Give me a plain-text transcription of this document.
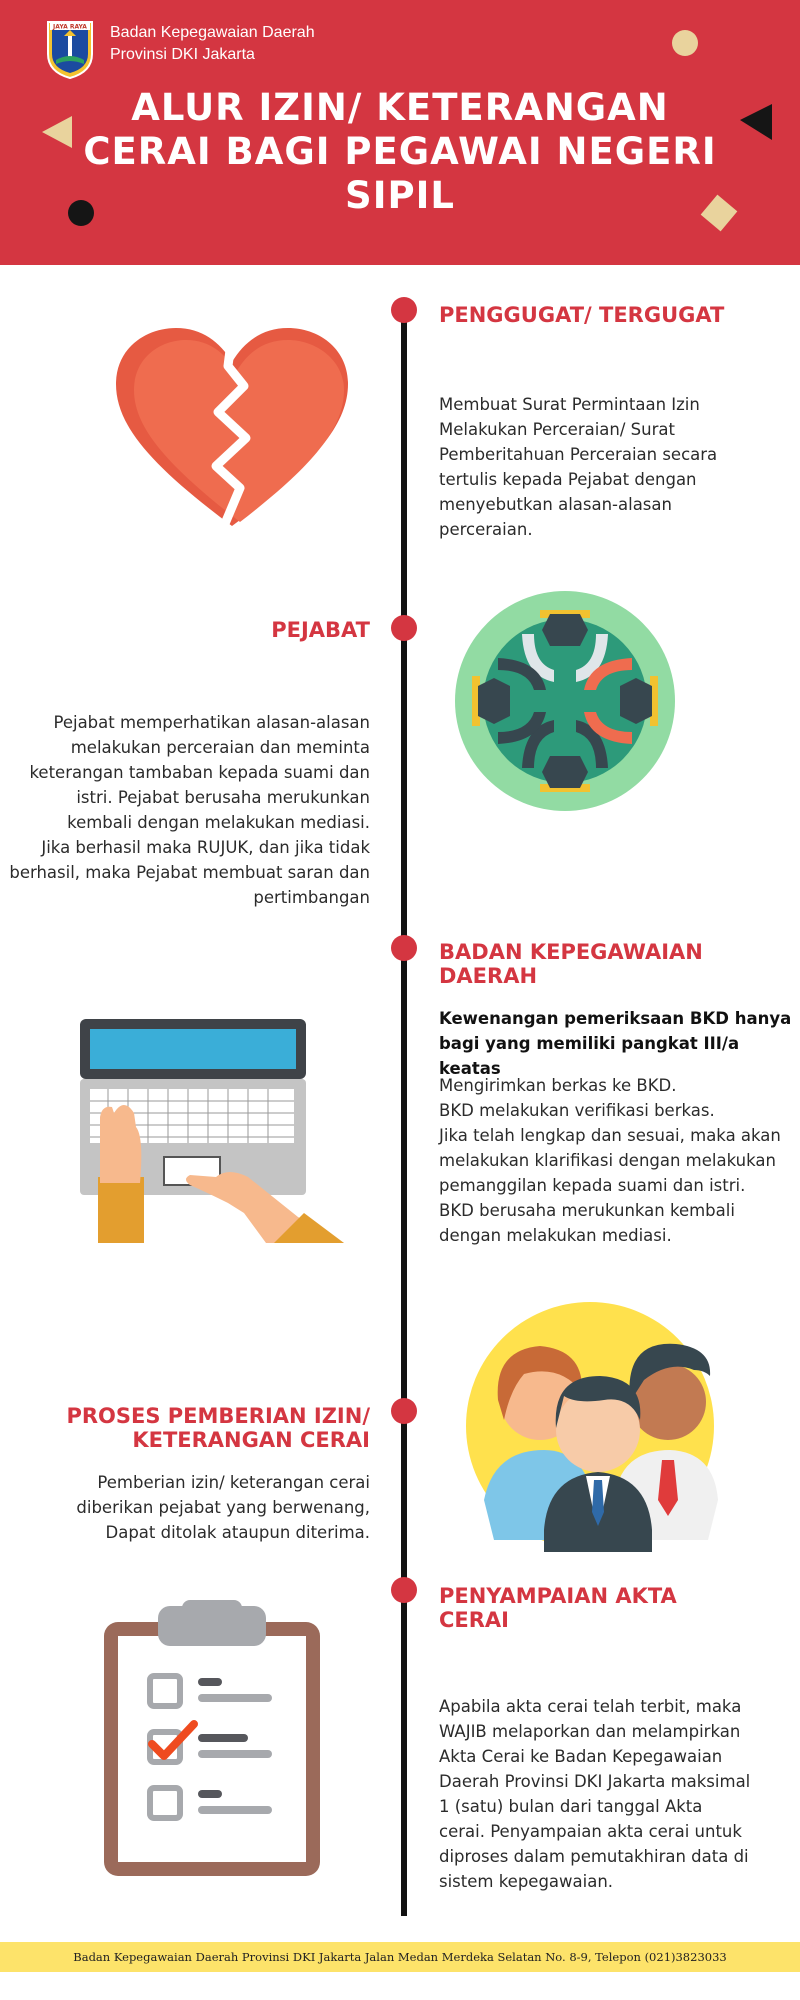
JAYA RAYA Badan Kepegawaian Daerah
Provinsi DKI Jakarta
ALUR IZIN/ KETERANGAN
CERAI BAGI PEGAWAI NEGERI
SIPIL
PENGGUGAT/ TERGUGAT
Membuat Surat Permintaan Izin
Melakukan Perceraian/ Surat
Pemberitahuan Perceraian secara
tertulis kepada Pejabat dengan
menyebutkan alasan-alasan
perceraian.
PEJABAT
Pejabat memperhatikan alasan-alasan
melakukan perceraian dan meminta
keterangan tambaban kepada suami dan
istri. Pejabat berusaha merukunkan
kembali dengan melakukan mediasi.
Jika berhasil maka RUJUK, dan jika tidak
berhasil, maka Pejabat membuat saran dan
pertimbangan
BADAN KEPEGAWAIAN
DAERAH
Kewenangan pemeriksaan BKD hanya
bagi yang memiliki pangkat III/a keatas
Mengirimkan berkas ke BKD.
BKD melakukan verifikasi berkas.
Jika telah lengkap dan sesuai, maka akan
melakukan klarifikasi dengan melakukan
pemanggilan kepada suami dan istri.
BKD berusaha merukunkan kembali
dengan melakukan mediasi.
PROSES PEMBERIAN IZIN/
KETERANGAN CERAI
Pemberian izin/ keterangan cerai
diberikan pejabat yang berwenang,
Dapat ditolak ataupun diterima.
PENYAMPAIAN AKTA
CERAI
Apabila akta cerai telah terbit, maka
WAJIB melaporkan dan melampirkan
Akta Cerai ke Badan Kepegawaian
Daerah Provinsi DKI Jakarta maksimal
1 (satu) bulan dari tanggal Akta
cerai. Penyampaian akta cerai untuk
diproses dalam pemutakhiran data di
sistem kepegawaian.
Badan Kepegawaian Daerah Provinsi DKI Jakarta Jalan Medan Merdeka Selatan No. 8-9, Telepon (021)3823033
